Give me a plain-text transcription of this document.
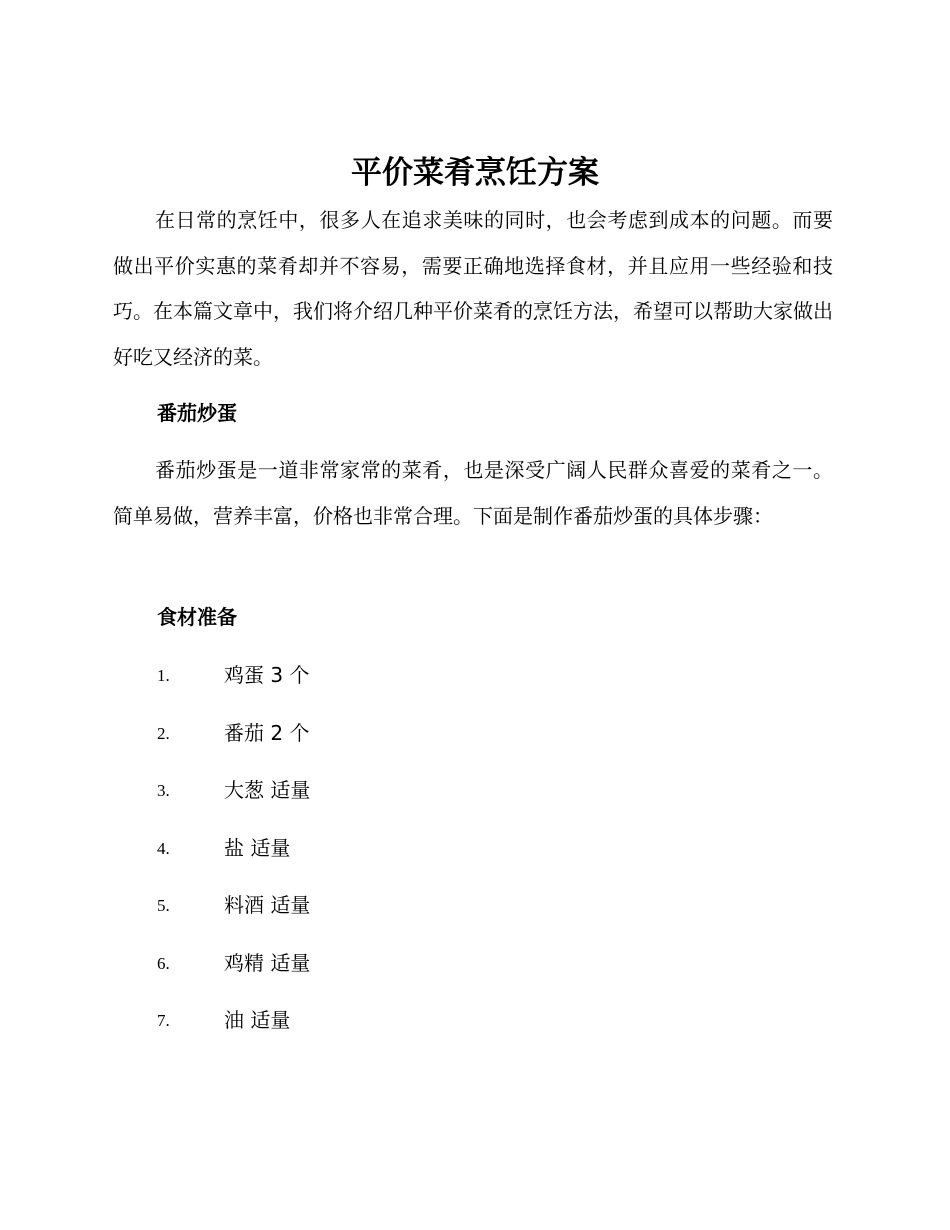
平价菜肴烹饪方案

在日常的烹饪中，很多人在追求美味的同时，也会考虑到成本的问题。而要做出平价实惠的菜肴却并不容易，需要正确地选择食材，并且应用一些经验和技巧。在本篇文章中，我们将介绍几种平价菜肴的烹饪方法，希望可以帮助大家做出好吃又经济的菜。

番茄炒蛋

番茄炒蛋是一道非常家常的菜肴，也是深受广阔人民群众喜爱的菜肴之一。简单易做，营养丰富，价格也非常合理。下面是制作番茄炒蛋的具体步骤：

食材准备
1.	鸡蛋 3 个
2.	番茄 2 个
3.	大葱 适量
4.	盐 适量
5.	料酒 适量
6.	鸡精 适量
7.	油 适量
